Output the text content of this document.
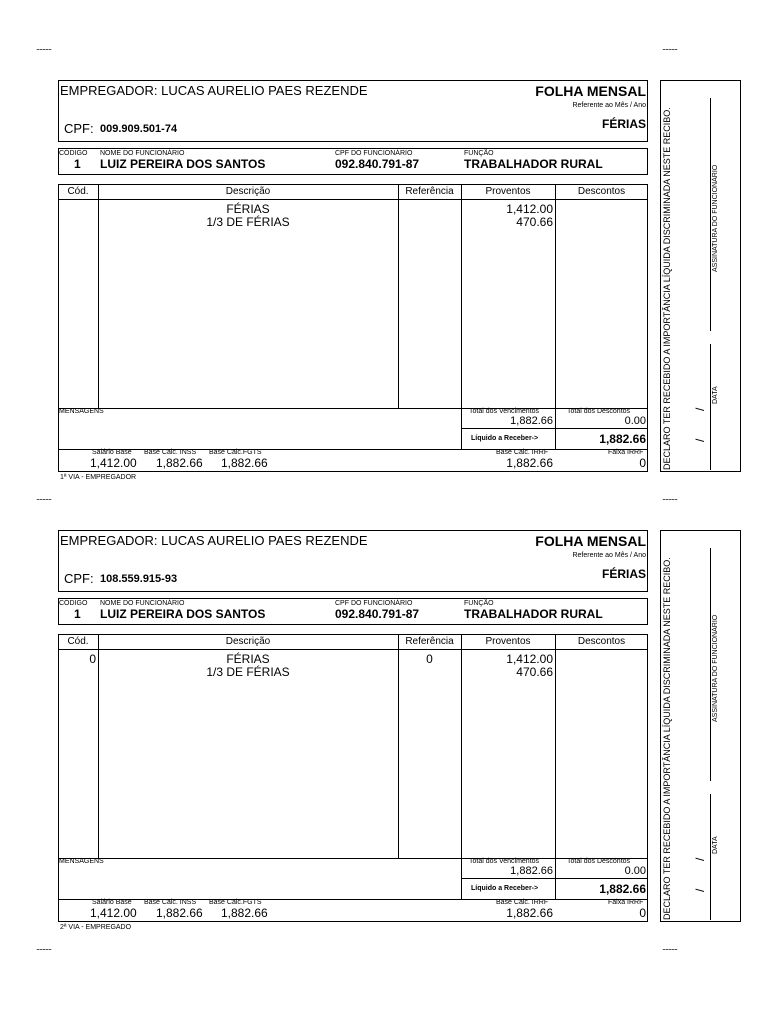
..........	..........
..........	..........
..........	..........
EMPREGADOR: LUCAS AURELIO PAES REZENDE	FOLHA MENSAL
Referente ao Mês / Ano
FÉRIAS
CPF: 009.909.501-74
CÓDIGO
1
NOME DO FUNCIONÁRIO
LUIZ PEREIRA DOS SANTOS
CPF DO FUNCIONÁRIO
092.840.791-87
FUNÇÃO
TRABALHADOR RURAL
Cód.	Descrição	Referência	Proventos	Descontos
FÉRIAS	1,412.00
1/3 DE FÉRIAS	470.66
MENSAGENS	Total dos Vencimentos
1,882.66
Total dos Descontos
0.00
Líquido a Receber->	1,882.66
Salário Base
1,412.00
Base Calc. INSS
1,882.66
Base Calc.FGTS
1,882.66
Base Calc. IRRF
1,882.66
Faixa IRRF
0
1ª VIA - EMPREGADOR
DECLARO TER RECEBIDO A IMPORTÂNCIA LÍQUIDA DISCRIMINADA NESTE RECIBO.	ASSINATURA DO FUNCIONÁRIO
DATA
/
/
EMPREGADOR: LUCAS AURELIO PAES REZENDE	FOLHA MENSAL
Referente ao Mês / Ano
FÉRIAS
CPF: 108.559.915-93
CÓDIGO
1
NOME DO FUNCIONÁRIO
LUIZ PEREIRA DOS SANTOS
CPF DO FUNCIONÁRIO
092.840.791-87
FUNÇÃO
TRABALHADOR RURAL
Cód.	Descrição	Referência	Proventos	Descontos
0	FÉRIAS	0	1,412.00
1/3 DE FÉRIAS	470.66
MENSAGENS	Total dos Vencimentos
1,882.66
Total dos Descontos
0.00
Líquido a Receber->	1,882.66
Salário Base
1,412.00
Base Calc. INSS
1,882.66
Base Calc.FGTS
1,882.66
Base Calc. IRRF
1,882.66
Faixa IRRF
0
2ª VIA - EMPREGADO
DECLARO TER RECEBIDO A IMPORTÂNCIA LÍQUIDA DISCRIMINADA NESTE RECIBO.	ASSINATURA DO FUNCIONÁRIO
DATA
/
/
